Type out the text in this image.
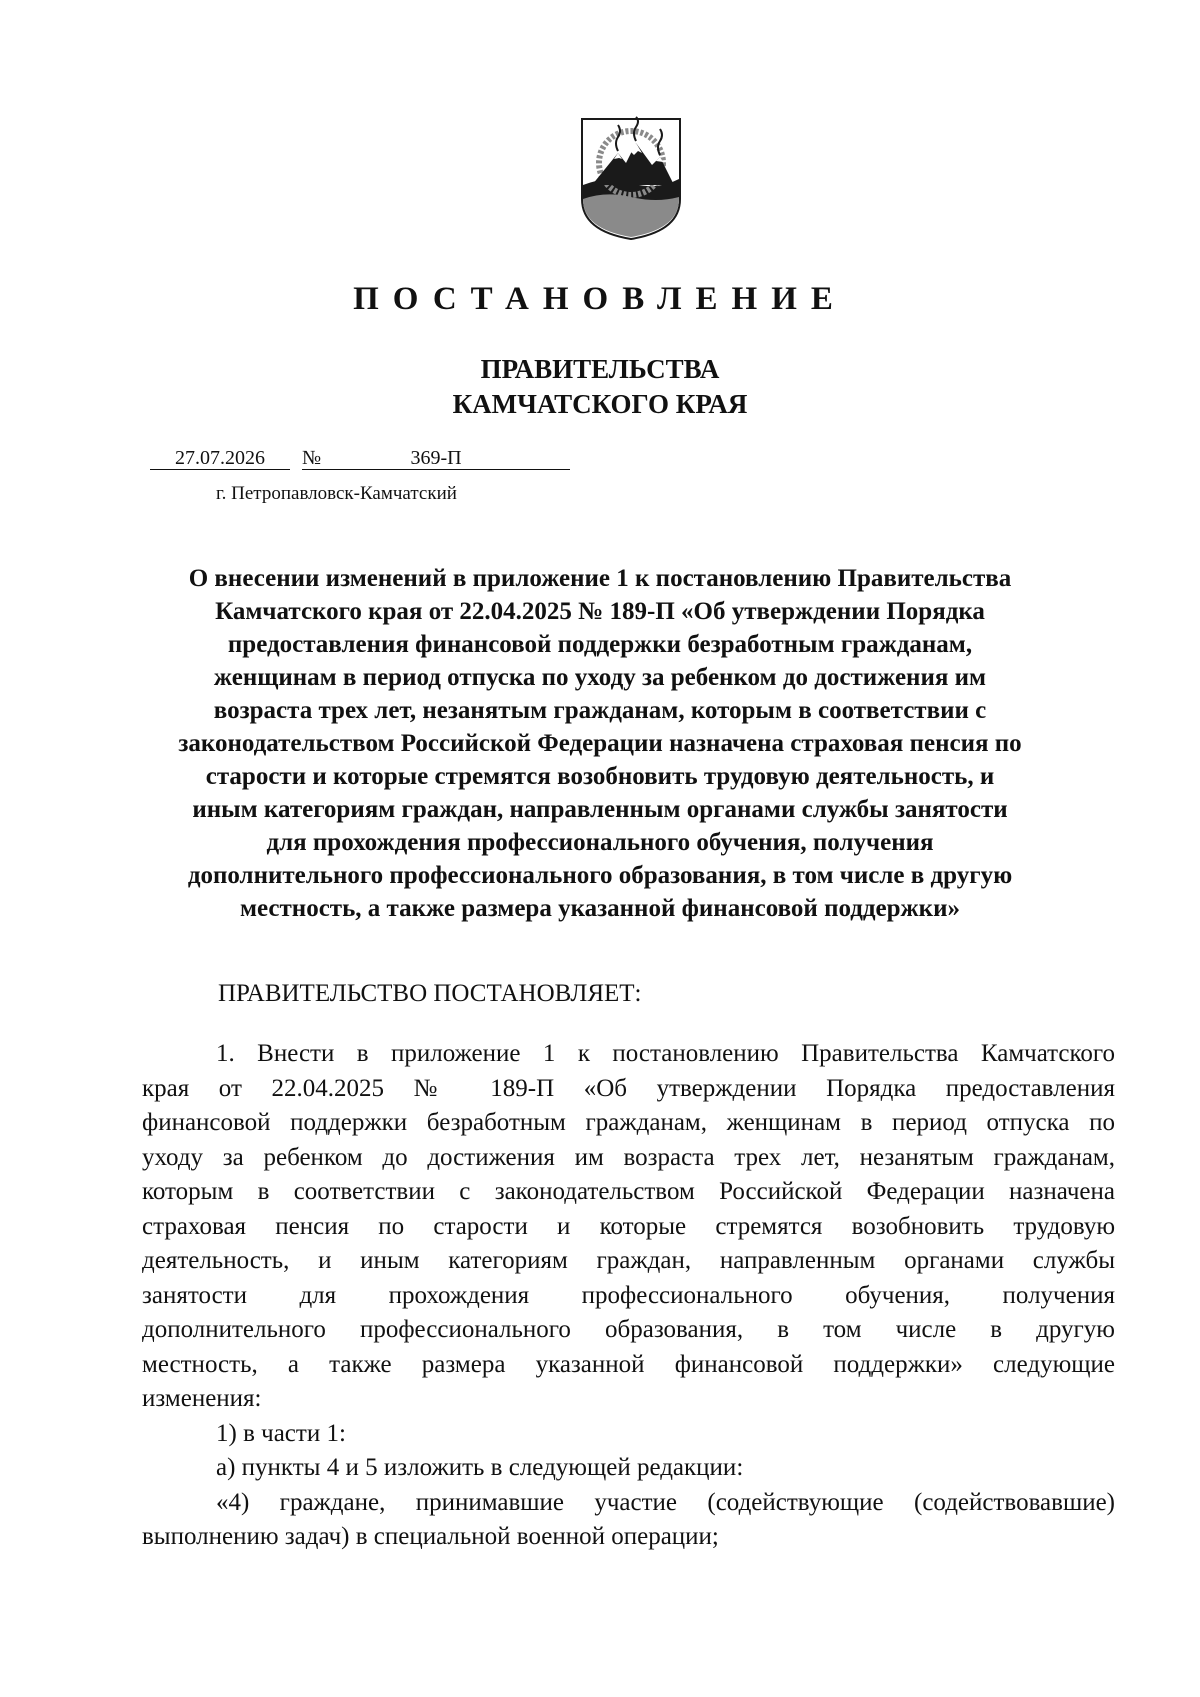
ПОСТАНОВЛЕНИЕ
ПРАВИТЕЛЬСТВА
КАМЧАТСКОГО КРАЯ
27.07.2026	№	369-П
г. Петропавловск-Камчатский
О внесении изменений в приложение 1 к постановлению Правительства
Камчатского края от 22.04.2025 № 189-П «Об утверждении Порядка
предоставления финансовой поддержки безработным гражданам,
женщинам в период отпуска по уходу за ребенком до достижения им
возраста трех лет, незанятым гражданам, которым в соответствии с
законодательством Российской Федерации назначена страховая пенсия по
старости и которые стремятся возобновить трудовую деятельность, и
иным категориям граждан, направленным органами службы занятости
для прохождения профессионального обучения, получения
дополнительного профессионального образования, в том числе в другую
местность, а также размера указанной финансовой поддержки»
ПРАВИТЕЛЬСТВО ПОСТАНОВЛЯЕТ:
1. Внести в приложение 1 к постановлению Правительства Камчатского
края от 22.04.2025 № 189-П «Об утверждении Порядка предоставления
финансовой поддержки безработным гражданам, женщинам в период отпуска по
уходу за ребенком до достижения им возраста трех лет, незанятым гражданам,
которым в соответствии с законодательством Российской Федерации назначена
страховая пенсия по старости и которые стремятся возобновить трудовую
деятельность, и иным категориям граждан, направленным органами службы
занятости для прохождения профессионального обучения, получения
дополнительного профессионального образования, в том числе в другую
местность, а также размера указанной финансовой поддержки» следующие
изменения:
1) в части 1:
а) пункты 4 и 5 изложить в следующей редакции:
«4) граждане, принимавшие участие (содействующие (содействовавшие)
выполнению задач) в специальной военной операции;
